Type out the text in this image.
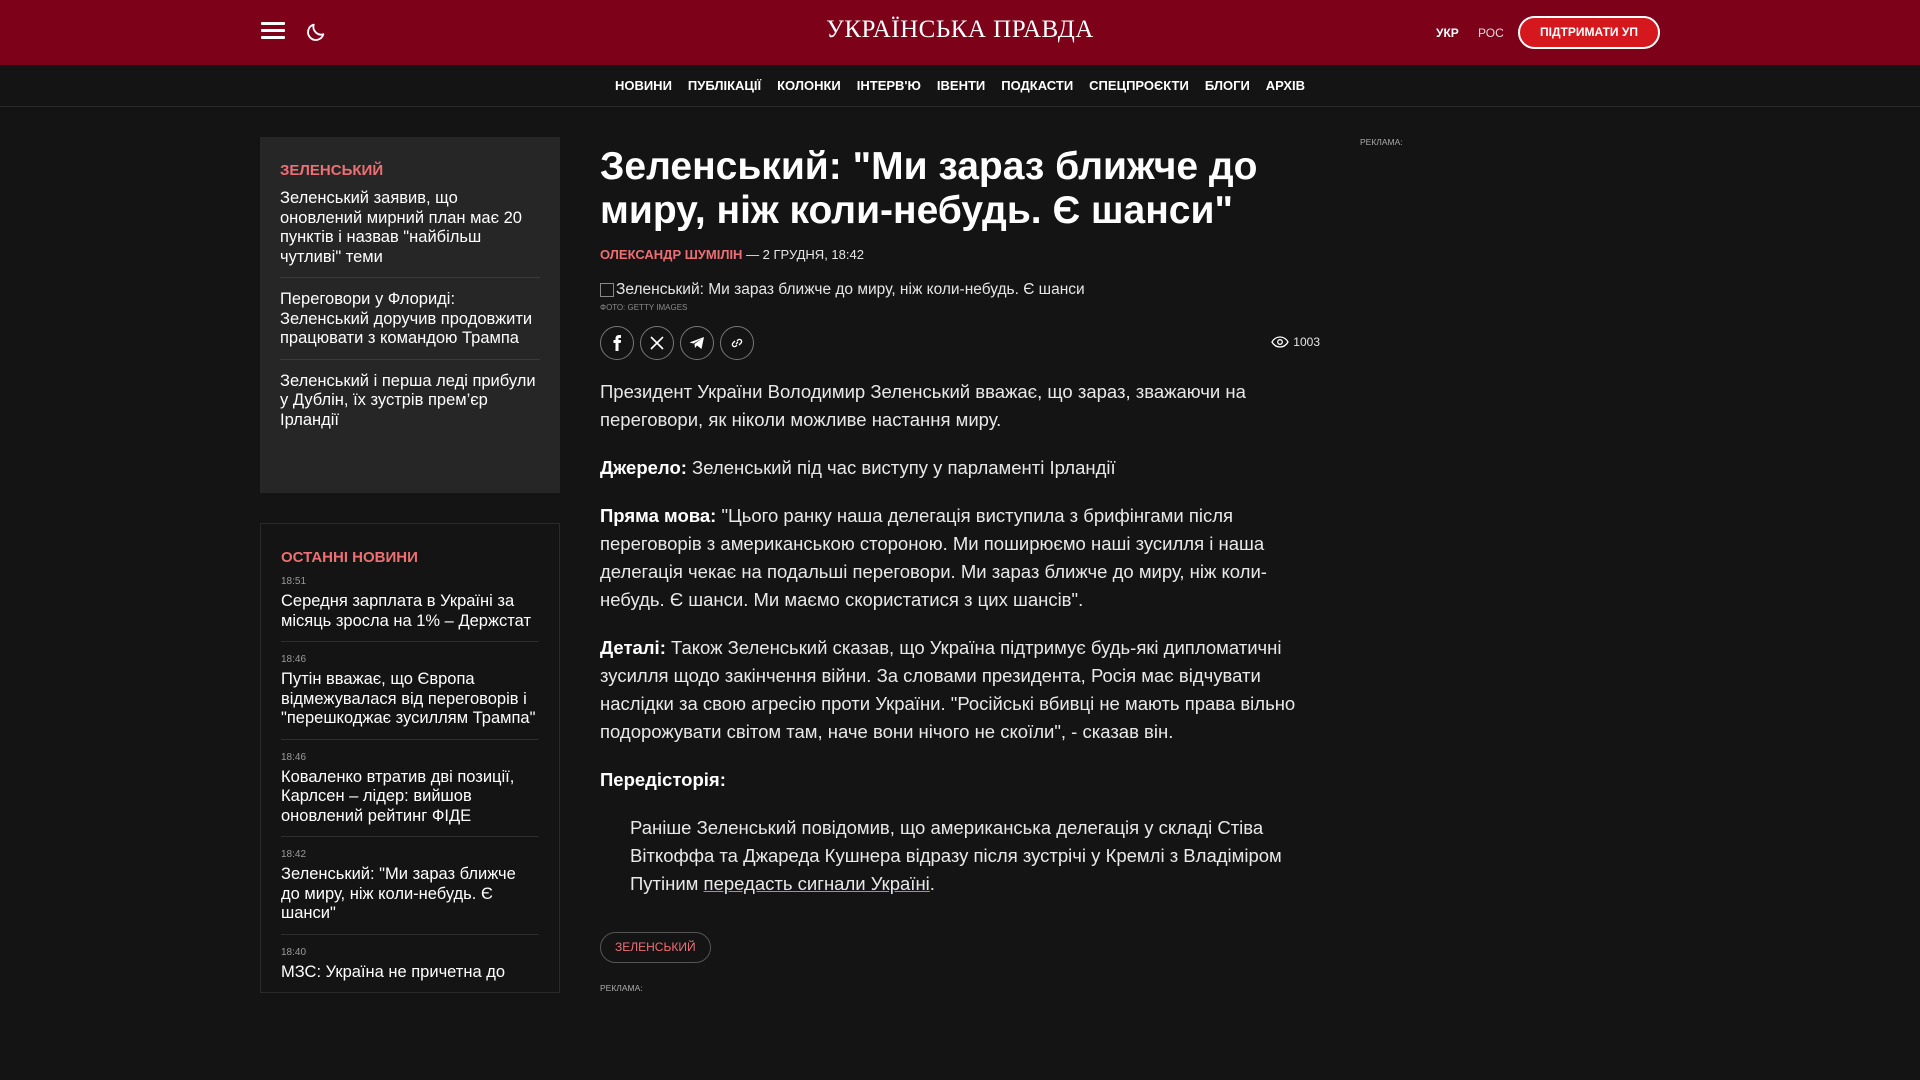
УКРАЇНСЬКА ПРАВДА	УКР РОС	ПІДТРИМАТИ УП
НОВИНИ ПУБЛІКАЦІЇ КОЛОНКИ ІНТЕРВ'Ю ІВЕНТИ ПОДКАСТИ СПЕЦПРОЄКТИ БЛОГИ АРХІВ
ЗЕЛЕНСЬКИЙ
Зеленський заявив, що оновлений мирний план має 20 пунктів і назвав "найбільш чутливі" теми
Переговори у Флориді: Зеленський доручив продовжити працювати з командою Трампа
Зеленський і перша леді прибули у Дублін, їх зустрів прем’єр Ірландії
ОСТАННІ НОВИНИ
18:51
Середня зарплата в Україні за місяць зросла на 1% – Держстат
18:46
Путін вважає, що Європа відмежувалася від переговорів і "перешкоджає зусиллям Трампа"
18:46
Коваленко втратив дві позиції, Карлсен – лідер: вийшов оновлений рейтинг ФІДЕ
18:42
Зеленський: "Ми зараз ближче до миру, ніж коли-небудь. Є шанси"
18:40
МЗС: Україна не причетна до
Зеленський: "Ми зараз ближче до миру, ніж коли-небудь. Є шанси"
ОЛЕКСАНДР ШУМІЛІН — 2 ГРУДНЯ, 18:42
Зеленський: Ми зараз ближче до миру, ніж коли-небудь. Є шанси
ФОТО: GETTY IMAGES
1003

Президент України Володимир Зеленський вважає, що зараз, зважаючи на переговори, як ніколи можливе настання миру.

Джерело: Зеленський під час виступу у парламенті Ірландії

Пряма мова: "Цього ранку наша делегація виступила з брифінгами після переговорів з американською стороною. Ми поширюємо наші зусилля і наша делегація чекає на подальші переговори. Ми зараз ближче до миру, ніж коли-небудь. Є шанси. Ми маємо скористатися з цих шансів".

Деталі: Також Зеленський сказав, що Україна підтримує будь-які дипломатичні зусилля щодо закінчення війни. За словами президента, Росія має відчувати наслідки за свою агресію проти України. "Російські вбивці не мають права вільно подорожувати світом там, наче вони нічого не скоїли", - сказав він.

Передісторія:

Раніше Зеленський повідомив, що американська делегація у складі Стіва Віткоффа та Джареда Кушнера відразу після зустрічі у Кремлі з Владіміром Путіним передасть сигнали Україні.

ЗЕЛЕНСЬКИЙ
РЕКЛАМА:
РЕКЛАМА:
